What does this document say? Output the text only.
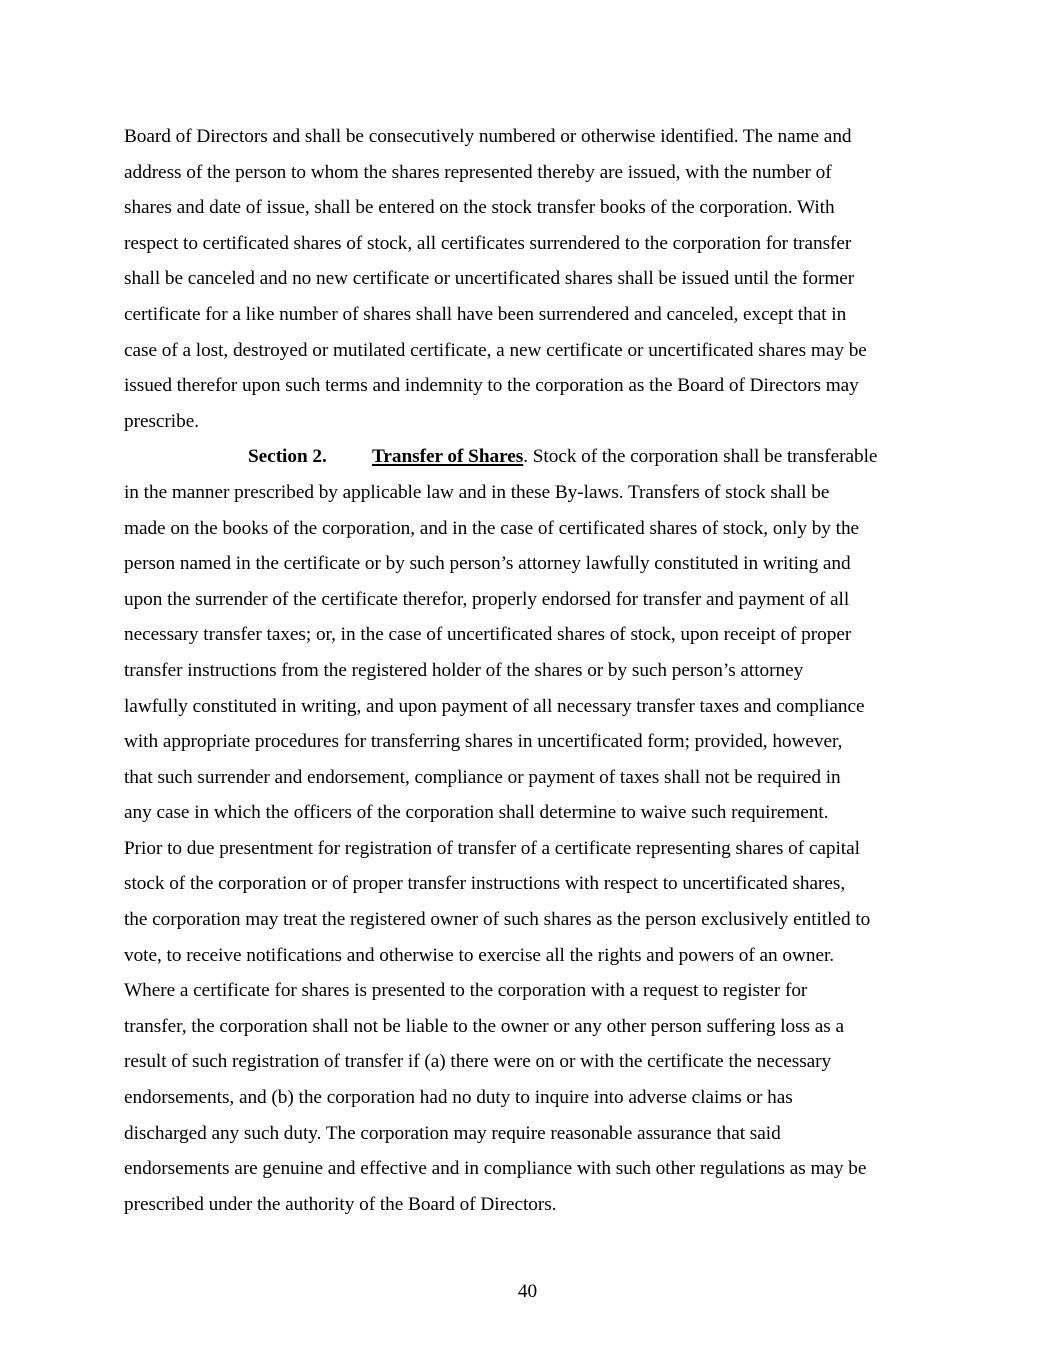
Board of Directors and shall be consecutively numbered or otherwise identified. The name and
address of the person to whom the shares represented thereby are issued, with the number of
shares and date of issue, shall be entered on the stock transfer books of the corporation. With
respect to certificated shares of stock, all certificates surrendered to the corporation for transfer
shall be canceled and no new certificate or uncertificated shares shall be issued until the former
certificate for a like number of shares shall have been surrendered and canceled, except that in
case of a lost, destroyed or mutilated certificate, a new certificate or uncertificated shares may be
issued therefor upon such terms and indemnity to the corporation as the Board of Directors may
prescribe.
Section 2. Transfer of Shares. Stock of the corporation shall be transferable
in the manner prescribed by applicable law and in these By-laws. Transfers of stock shall be
made on the books of the corporation, and in the case of certificated shares of stock, only by the
person named in the certificate or by such person’s attorney lawfully constituted in writing and
upon the surrender of the certificate therefor, properly endorsed for transfer and payment of all
necessary transfer taxes; or, in the case of uncertificated shares of stock, upon receipt of proper
transfer instructions from the registered holder of the shares or by such person’s attorney
lawfully constituted in writing, and upon payment of all necessary transfer taxes and compliance
with appropriate procedures for transferring shares in uncertificated form; provided, however,
that such surrender and endorsement, compliance or payment of taxes shall not be required in
any case in which the officers of the corporation shall determine to waive such requirement.
Prior to due presentment for registration of transfer of a certificate representing shares of capital
stock of the corporation or of proper transfer instructions with respect to uncertificated shares,
the corporation may treat the registered owner of such shares as the person exclusively entitled to
vote, to receive notifications and otherwise to exercise all the rights and powers of an owner.
Where a certificate for shares is presented to the corporation with a request to register for
transfer, the corporation shall not be liable to the owner or any other person suffering loss as a
result of such registration of transfer if (a) there were on or with the certificate the necessary
endorsements, and (b) the corporation had no duty to inquire into adverse claims or has
discharged any such duty. The corporation may require reasonable assurance that said
endorsements are genuine and effective and in compliance with such other regulations as may be
prescribed under the authority of the Board of Directors.
40
